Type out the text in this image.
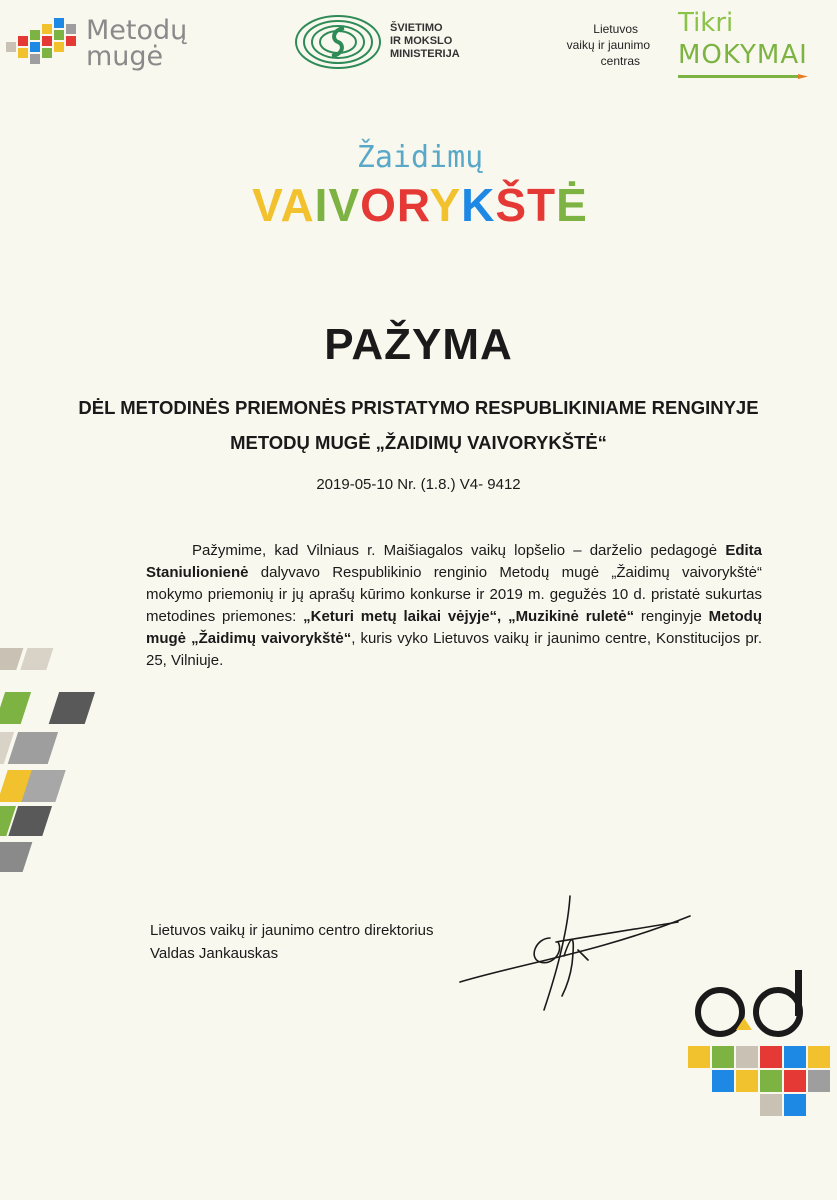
Metodų
mugė
ŠVIETIMO
IR MOKSLO
MINISTERIJA
Lietuvos
vaikų ir jaunimo
centras
Tikri
MOKYMAI
Žaidimų
VAIVORYKŠTĖ
PAŽYMA
DĖL METODINĖS PRIEMONĖS PRISTATYMO RESPUBLIKINIAME RENGINYJE
METODŲ MUGĖ „ŽAIDIMŲ VAIVORYKŠTĖ“
2019-05-10 Nr. (1.8.) V4- 9412
Pažymime, kad Vilniaus r. Maišiagalos vaikų lopšelio – darželio pedagogė Edita Staniulionienė dalyvavo Respublikinio renginio Metodų mugė „Žaidimų vaivorykštė“ mokymo priemonių ir jų aprašų kūrimo konkurse ir 2019 m. gegužės 10 d. pristatė sukurtas metodines priemones: „Keturi metų laikai vėjyje“, „Muzikinė ruletė“ renginyje Metodų mugė „Žaidimų vaivorykštė“, kuris vyko Lietuvos vaikų ir jaunimo centre, Konstitucijos pr. 25, Vilniuje.
Lietuvos vaikų ir jaunimo centro direktorius
Valdas Jankauskas
